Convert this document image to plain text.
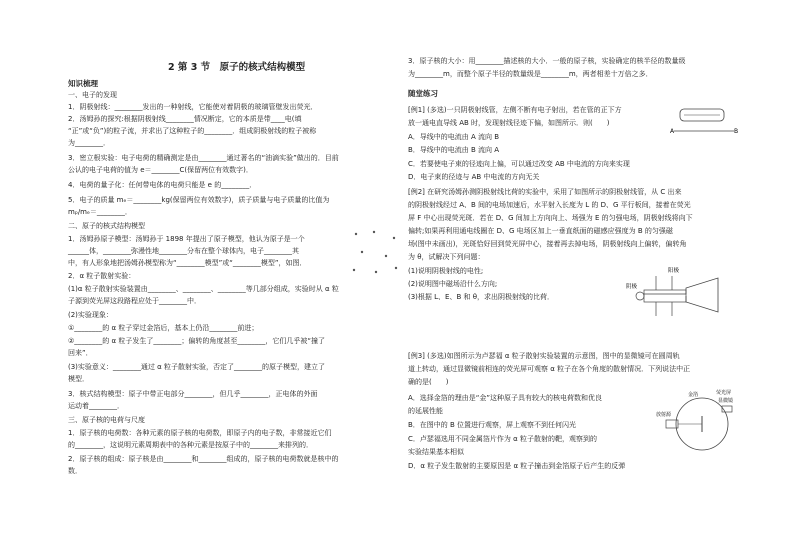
2 第 3 节　原子的核式结构模型
知识梳理
一、电子的发现
1．阴极射线：________发出的一种射线，它能使对着阴极的玻璃管壁发出荧光．
2．汤姆孙的探究:根据阴极射线________情况断定，它的本质是带____电(填
“正”或“负”)的粒子流，并求出了这种粒子的________．组成阴极射线的粒子被称
为________．
3．密立根实验：电子电荷的精确测定是由________通过著名的“油滴实验”做出的．目前
公认的电子电荷的值为 e＝________C(保留两位有效数字)．
4．电荷的量子化：任何带电体的电荷只能是 e 的________．
5．电子的质量 mₑ＝________kg(保留两位有效数字)，质子质量与电子质量的比值为
mₚ/mₑ＝________．
二、原子的核式结构模型
1．汤姆孙原子模型：汤姆孙于 1898 年提出了原子模型，他认为原子是一个
______体，________弥漫性地________分布在整个球体内，电子________其
中，有人形象地把汤姆孙模型称为“________模型”或“________模型”，如图．
2．α 粒子散射实验：
(1)α 粒子散射实验装置由________、________、________等几部分组成，实验时从 α 粒
子源到荧光屏这段路程应处于________中．
(2)实验现象：
①________的 α 粒子穿过金箔后，基本上仍沿________前进；
②________的 α 粒子发生了________；偏转的角度甚至________，它们几乎被“撞了
回来”．
(3)实验意义：________通过 α 粒子散射实验，否定了________的原子模型，建立了
模型．
3．核式结构模型：原子中带正电部分________，但几乎________，正电体的外面
运动着________．
三、原子核的电荷与尺度
1．原子核的电荷数：各种元素的原子核的电荷数，即原子内的电子数，非常接近它们
的________，这说明元素周期表中的各种元素是按原子中的________来排列的．
2．原子核的组成：原子核是由________和________组成的，原子核的电荷数就是核中的
数．
3．原子核的大小：用________描述核的大小．一般的原子核，实验确定的核半径的数量级
为________m，而整个原子半径的数量级是________m，两者相差十万倍之多．
随堂练习
[例1] (多选)一只阴极射线管，左侧不断有电子射出，若在管的正下方
放一通电直导线 AB 时，发现射线径迹下偏，如图所示．则(　　)
A	B
A．导线中的电流由 A 流向 B
B．导线中的电流由 B 流向 A
C．若要使电子束的径迹向上偏，可以通过改变 AB 中电流的方向来实现
D．电子束的径迹与 AB 中电流的方向无关
[例2] 在研究汤姆孙测阴极射线比荷的实验中，采用了如图所示的阴极射线管，从 C 出来
的阴极射线经过 A、B 间的电场加速后，水平射入长度为 L 的 D、G 平行板间，接着在荧光
屏 F 中心出现荧光斑．若在 D、G 间加上方向向上、场强为 E 的匀强电场，阴极射线将向下
偏转;如果再利用通电线圈在 D、G 电场区加上一垂直纸面的磁感应强度为 B 的匀强磁
场(图中未画出)，光斑恰好回到荧光屏中心，接着再去掉电场，阴极射线向上偏转，偏转角
为 θ，试解决下列问题：
(1)说明阴极射线的电性;
(2)说明图中磁场沿什么方向;
(3)根据 L、E、B 和 θ，求出阴极射线的比荷．
阳极
阴极
[例3] (多选)如图所示为卢瑟福 α 粒子散射实验装置的示意图，图中的显微镜可在圆周轨
道上转动，通过显微镜前相连的荧光屏可观察 α 粒子在各个角度的散射情况．下列说法中正
确的是(　　)
A．选择金箔的理由是“金”这种原子具有较大的核电荷数和优良
的延展性能
B．在图中的 B 位置进行观察，屏上观察不到任何闪光
C．卢瑟福选用不同金属箔片作为 α 粒子散射的靶，观察到的
实验结果基本相似
D．α 粒子发生散射的主要原因是 α 粒子撞击到金箔原子后产生的反弹
放射源
金箔	荧光屏
显微镜
